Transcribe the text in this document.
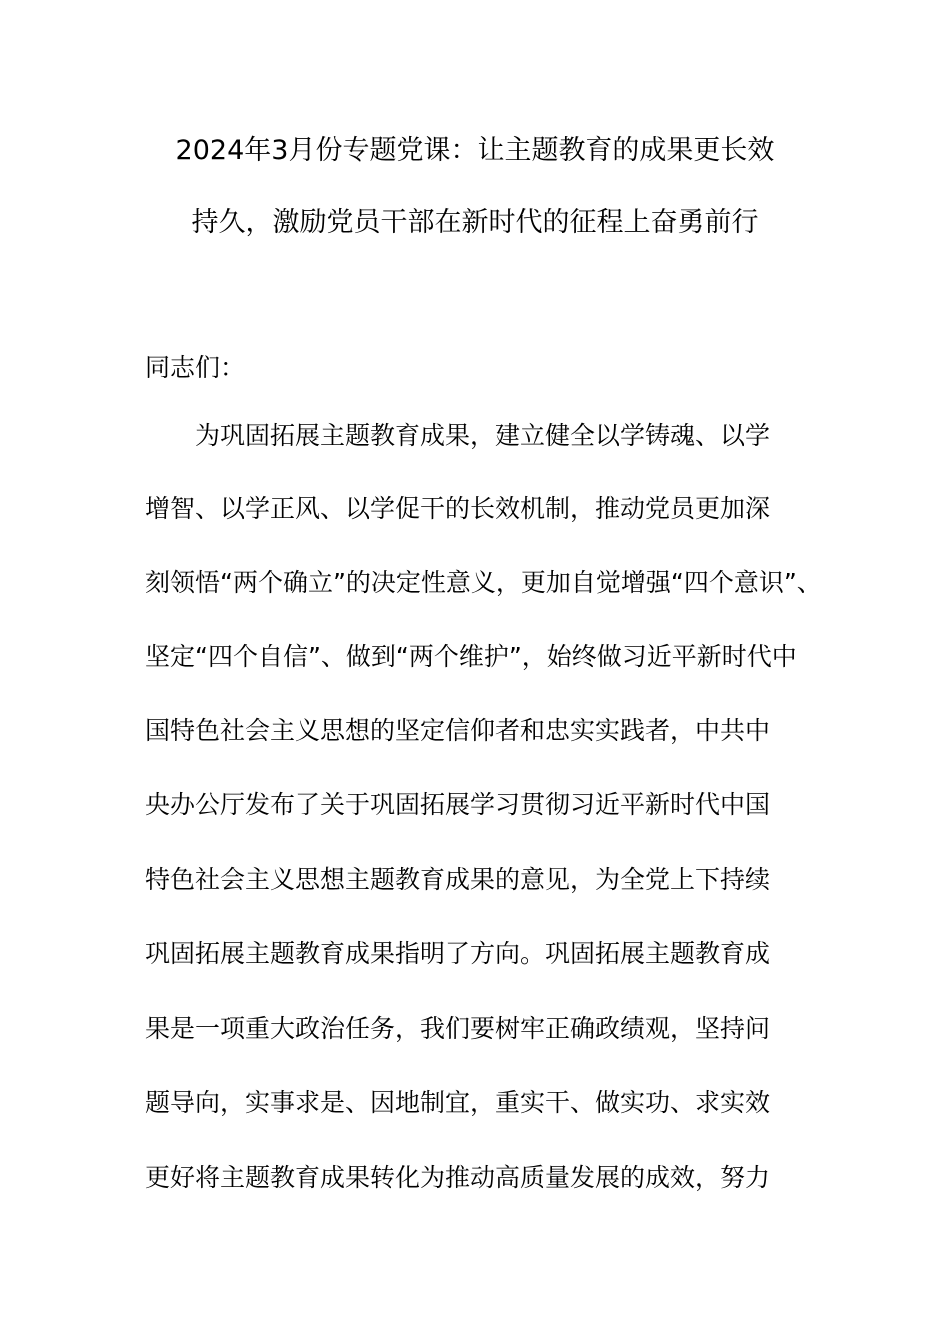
2024年3月份专题党课：让主题教育的成果更长效
持久，激励党员干部在新时代的征程上奋勇前行
同志们：
为巩固拓展主题教育成果，建立健全以学铸魂、以学
增智、以学正风、以学促干的长效机制，推动党员更加深
刻领悟“两个确立”的决定性意义，更加自觉增强“四个意识”、
坚定“四个自信”、做到“两个维护”，始终做习近平新时代中
国特色社会主义思想的坚定信仰者和忠实实践者，中共中
央办公厅发布了关于巩固拓展学习贯彻习近平新时代中国
特色社会主义思想主题教育成果的意见，为全党上下持续
巩固拓展主题教育成果指明了方向。巩固拓展主题教育成
果是一项重大政治任务，我们要树牢正确政绩观，坚持问
题导向，实事求是、因地制宜，重实干、做实功、求实效
更好将主题教育成果转化为推动高质量发展的成效，努力
